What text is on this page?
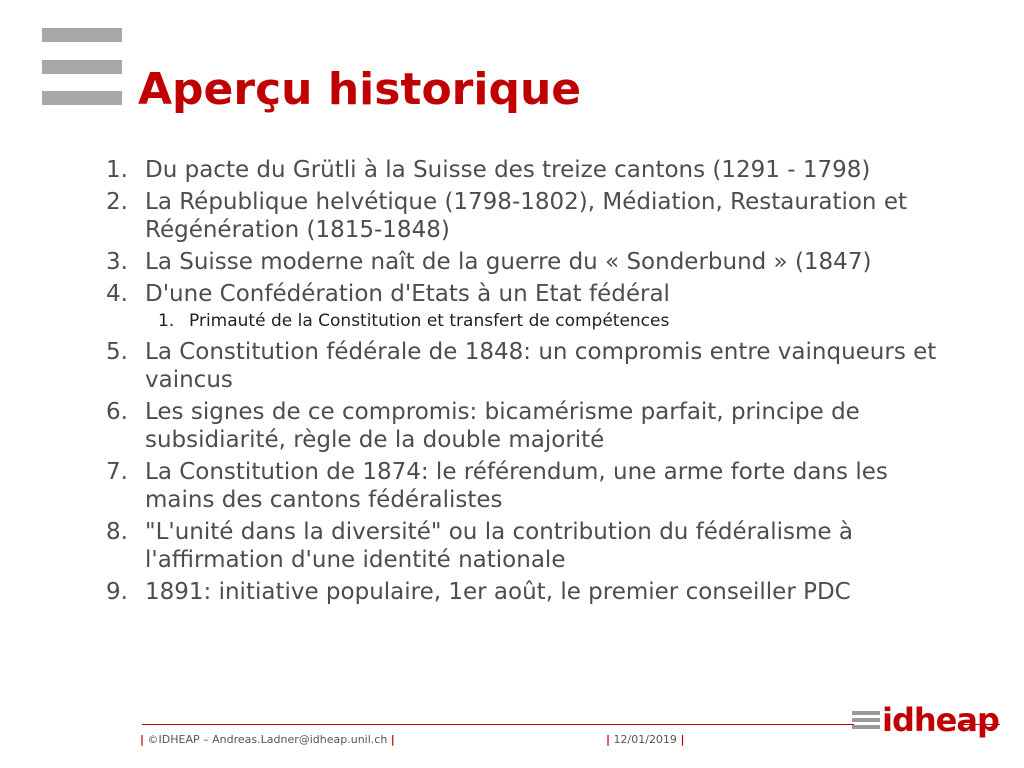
Aperçu historique
1. Du pacte du Grütli à la Suisse des treize cantons (1291 - 1798)
2. La République helvétique (1798-1802), Médiation, Restauration et Régénération (1815-1848)
3. La Suisse moderne naît de la guerre du « Sonderbund » (1847)
4. D'une Confédération d'Etats à un Etat fédéral
1. Primauté de la Constitution et transfert de compétences
5. La Constitution fédérale de 1848: un compromis entre vainqueurs et vaincus
6. Les signes de ce compromis: bicamérisme parfait, principe de subsidiarité, règle de la double majorité
7. La Constitution de 1874: le référendum, une arme forte dans les mains des cantons fédéralistes
8. "L'unité dans la diversité" ou la contribution du fédéralisme à l'affirmation d'une identité nationale
9. 1891: initiative populaire, 1er août, le premier conseiller PDC
| ©IDHEAP – Andreas.Ladner@idheap.unil.ch |	| 12/01/2019 |
idheap
